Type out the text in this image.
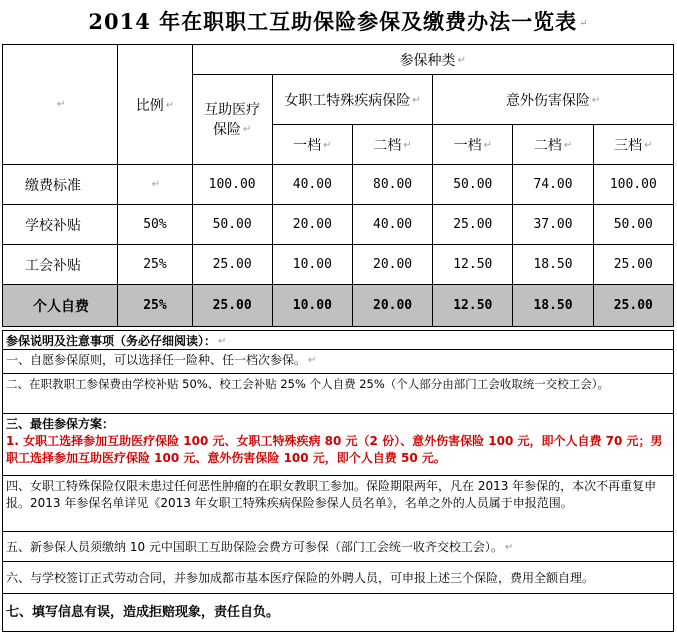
2014 年在职职工互助保险参保及缴费办法一览表 ↵
↵	比例 ↵	参保种类 ↵					
		互助医疗保险 ↵	女职工特殊疾病保险 ↵		意外伤害保险 ↵		
			一档 ↵	二档 ↵	一档 ↵	二档 ↵	三档 ↵
缴费标准	↵	100.00	40.00	80.00	50.00	74.00	100.00
学校补贴	50%	50.00	20.00	40.00	25.00	37.00	50.00
工会补贴	25%	25.00	10.00	20.00	12.50	18.50	25.00
个人自费	25%	25.00	10.00	20.00	12.50	18.50	25.00
参保说明及注意事项（务必仔细阅读）： ↵
一、自愿参保原则，可以选择任一险种、任一档次参保。 ↵
二、在职教职工参保费由学校补贴 50%、校工会补贴 25% 个人自费 25%（个人部分由部门工会收取统一交校工会）。
三、最佳参保方案：
1. 女职工选择参加互助医疗保险 100 元、女职工特殊疾病 80 元（2 份）、意外伤害保险 100 元，即个人自费 70 元；男职工选择参加互助医疗保险 100 元、意外伤害保险 100 元，即个人自费 50 元。
四、女职工特殊保险仅限未患过任何恶性肿瘤的在职女教职工参加。保险期限两年，凡在 2013 年参保的，本次不再重复申报。2013 年参保名单详见《2013 年女职工特殊疾病保险参保人员名单》，名单之外的人员属于申报范围。
五、新参保人员须缴纳 10 元中国职工互助保险会费方可参保（部门工会统一收齐交校工会）。 ↵
六、与学校签订正式劳动合同，并参加成都市基本医疗保险的外聘人员，可申报上述三个保险，费用全额自理。
七、填写信息有误，造成拒赔现象，责任自负。
